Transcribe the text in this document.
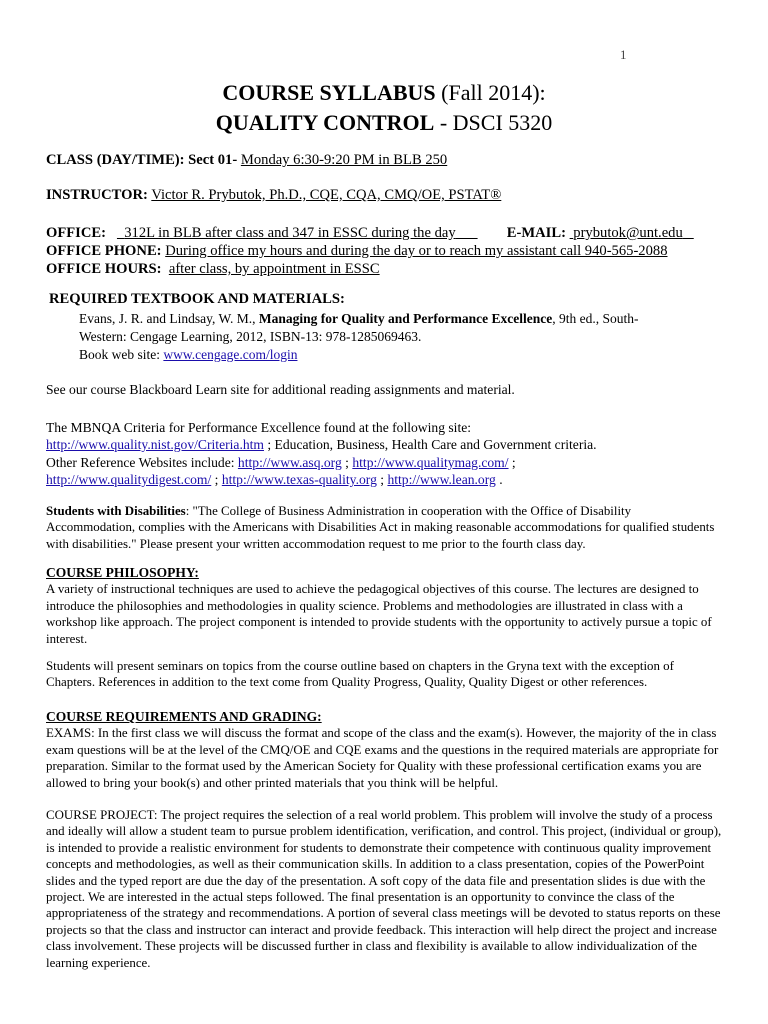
1
COURSE SYLLABUS (Fall 2014):
QUALITY CONTROL - DSCI 5320
CLASS (DAY/TIME): Sect 01- Monday 6:30-9:20 PM in BLB 250
INSTRUCTOR: Victor R. Prybutok, Ph.D., CQE, CQA, CMQ/OE, PSTAT®
OFFICE: 312L in BLB after class and 347 in ESSC during the day	E-MAIL: prybutok@unt.edu
OFFICE PHONE: During office my hours and during the day or to reach my assistant call 940-565-2088
OFFICE HOURS: after class, by appointment in ESSC
REQUIRED TEXTBOOK AND MATERIALS:
Evans, J. R. and Lindsay, W. M., Managing for Quality and Performance Excellence, 9th ed., South-
Western: Cengage Learning, 2012, ISBN-13: 978-1285069463.
Book web site: www.cengage.com/login
See our course Blackboard Learn site for additional reading assignments and material.
The MBNQA Criteria for Performance Excellence found at the following site:
http://www.quality.nist.gov/Criteria.htm ; Education, Business, Health Care and Government criteria.
Other Reference Websites include: http://www.asq.org ; http://www.qualitymag.com/ ;
http://www.qualitydigest.com/ ; http://www.texas-quality.org ; http://www.lean.org .

Students with Disabilities: "The College of Business Administration in cooperation with the Office of Disability Accommodation, complies with the Americans with Disabilities Act in making reasonable accommodations for qualified students with disabilities." Please present your written accommodation request to me prior to the fourth class day.

COURSE PHILOSOPHY:

A variety of instructional techniques are used to achieve the pedagogical objectives of this course. The lectures are designed to introduce the philosophies and methodologies in quality science. Problems and methodologies are illustrated in class with a workshop like approach. The project component is intended to provide students with the opportunity to actively pursue a topic of interest.

Students will present seminars on topics from the course outline based on chapters in the Gryna text with the exception of Chapters. References in addition to the text come from Quality Progress, Quality, Quality Digest or other references.

COURSE REQUIREMENTS AND GRADING:

EXAMS: In the first class we will discuss the format and scope of the class and the exam(s). However, the majority of the in class exam questions will be at the level of the CMQ/OE and CQE exams and the questions in the required materials are appropriate for preparation. Similar to the format used by the American Society for Quality with these professional certification exams you are allowed to bring your book(s) and other printed materials that you think will be helpful.

COURSE PROJECT: The project requires the selection of a real world problem. This problem will involve the study of a process and ideally will allow a student team to pursue problem identification, verification, and control. This project, (individual or group), is intended to provide a realistic environment for students to demonstrate their competence with continuous quality improvement concepts and methodologies, as well as their communication skills. In addition to a class presentation, copies of the PowerPoint slides and the typed report are due the day of the presentation. A soft copy of the data file and presentation slides is due with the project. We are interested in the actual steps followed. The final presentation is an opportunity to convince the class of the appropriateness of the strategy and recommendations. A portion of several class meetings will be devoted to status reports on these projects so that the class and instructor can interact and provide feedback. This interaction will help direct the project and increase class involvement. These projects will be discussed further in class and flexibility is available to allow individualization of the learning experience.
